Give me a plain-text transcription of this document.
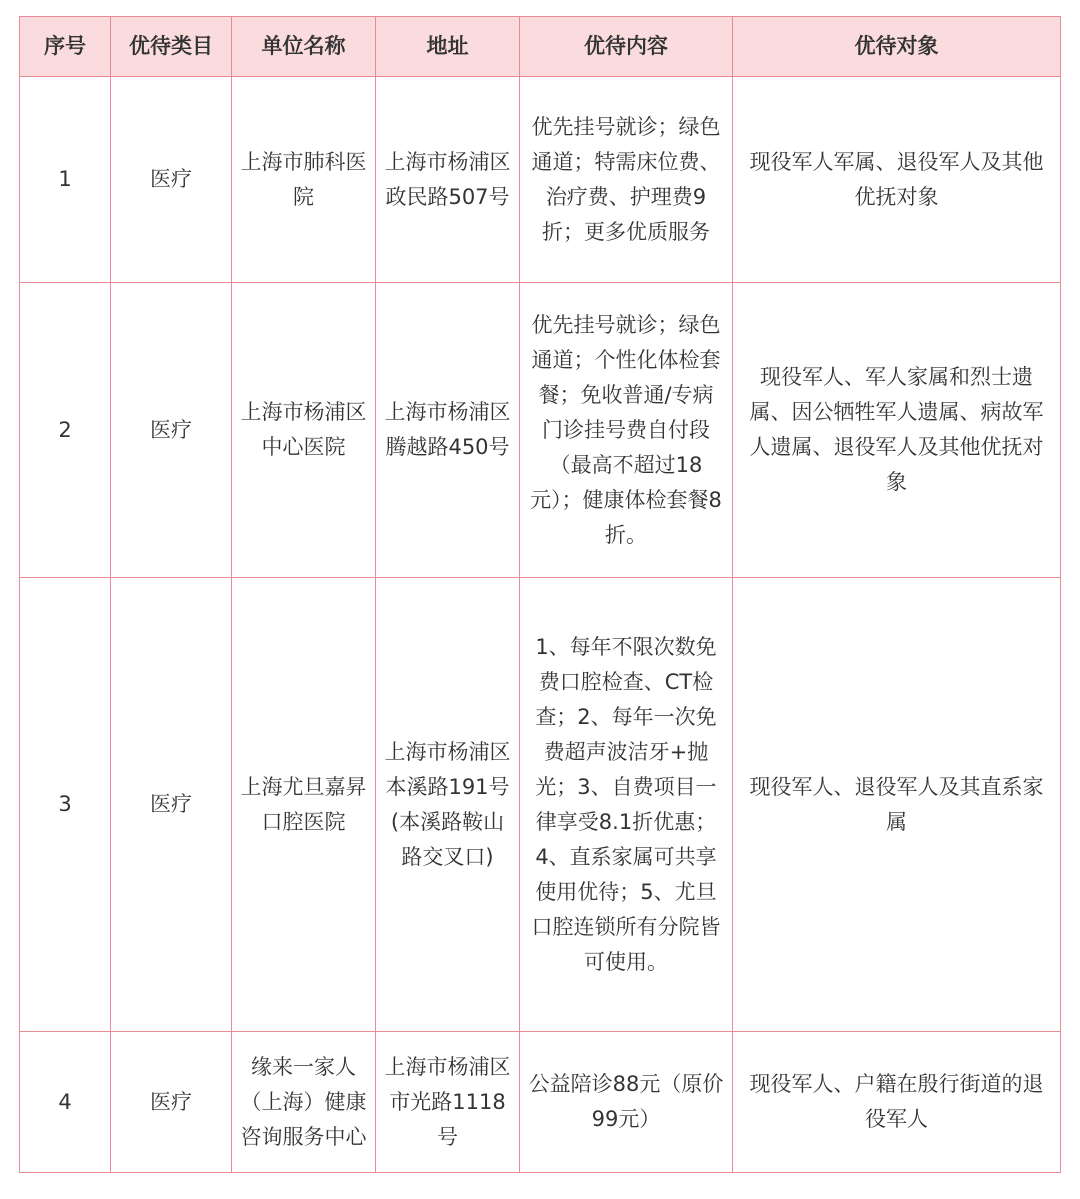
序号	优待类目	单位名称	地址	优待内容	优待对象
1	医疗	上海市肺科医院	上海市杨浦区政民路507号	优先挂号就诊；绿色通道；特需床位费、治疗费、护理费9折；更多优质服务	现役军人军属、退役军人及其他优抚对象
2	医疗	上海市杨浦区中心医院	上海市杨浦区腾越路450号	优先挂号就诊；绿色通道；个性化体检套餐；免收普通/专病门诊挂号费自付段（最高不超过18元）；健康体检套餐8折。	现役军人、军人家属和烈士遗属、因公牺牲军人遗属、病故军人遗属、退役军人及其他优抚对象
3	医疗	上海尤旦嘉昇口腔医院	上海市杨浦区本溪路191号(本溪路鞍山路交叉口)	1、每年不限次数免费口腔检查、CT检查；2、每年一次免费超声波洁牙+抛光；3、自费项目一律享受8.1折优惠；4、直系家属可共享使用优待；5、尤旦口腔连锁所有分院皆可使用。	现役军人、退役军人及其直系家属
4	医疗	缘来一家人（上海）健康咨询服务中心	上海市杨浦区市光路1118号	公益陪诊88元（原价99元）	现役军人、户籍在殷行街道的退役军人
